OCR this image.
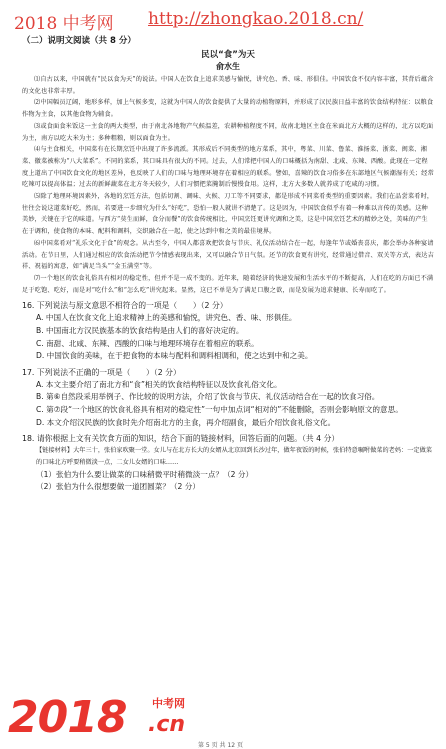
2018 中考网 http://zhongkao.2018.cn/

（二）说明文阅读（共 8 分）

民以“食”为天

俞水生

⑴自古以来，中国就有“民以食为天”的说法。中国人在饮食上追求美感与愉悦，讲究色、香、味、形俱佳。中国饮食不仅内容丰富，其背后蕴含的文化也非常丰厚。

⑵中国幅员辽阔，地形多样，加上气候多变，这就为中国人的饮食提供了大量的动植物原料，并形成了汉民族日益丰富的饮食结构特征：以粮食作物为主食，以其他食物为辅食。

⑶或食面食米饭这一主食的两大类型，由于南北各地物产气候温差，农耕种植程度不同，故南北地区主食在米面北方大概的这样的，北方以吃面为主，南方以吃大米为主；多种粗粮，则以面食为主。

⑷与主食相关，中国菜有在长期烹饪中出现了许多流派。其形成后不同类型的地方菜系，其中，粤菜、川菜、鲁菜、淮扬菜、浙菜、闽菜、湘菜、徽菜被称为“八大菜系”。不同的菜系，其口味具有很大的不同。过去，人们常把中国人的口味概括为南甜、北咸、东辣、西酸。此现在一定程度上道出了中国饮食文化的地区差异，也反映了人们的口味与地理环境存在着相应的联系。譬如，喜辣的饮食习俗多在东部地区气候潮湿有关；经常吃辣可以提高体温；过去的新鲜蔬菜在北方冬天较少，人们习惯把菜腌制后慢慢食用。这样，北方大多数人就养成了吃咸的习惯。

⑸除了地理环境因素外，各地的烹饪方法，包括切割、调味、火候、刀工等不同要求，都是形成不同菜肴类型的重要因素。我们在品尝菜肴时，往往会说这道菜好吃，然而，若要进一步细究为什么“好吃”，恐怕一般人就讲不清楚了。这是因为，中国饮食似乎有着一种难以言传的美感。这种美妙，关键在于它的味道。与西方“莫生而鲜，食分而餐”的饮食传统相比，中国烹饪更讲究调和之美，这是中国烹饪艺术的精妙之处，美味的产生在于调和，使食物的本味、配料和调料，交织融合在一起，使之达到中和之美的最佳境界。

⑹中国菜肴对“礼乐文化于食”的观念。从古至今，中国人都喜欢把饮食与节庆、礼仪活动结合在一起，每逢年节或婚丧喜庆，都会举办各种宴请活动。在节日里，人们通过相应的饮食活动把节令情感表现出来，又可以融合节日气氛。还节的饮食更有讲究，经常通过借音、双关等方式，表达吉祥、祝福的寓意，如“满足当头”“金玉满堂”等。

⑺一个地区的饮食礼俗具有相对的稳定性，但并不是一成不变的。近年来，随着经济的快速发展和生活水平的不断提高，人们在吃的方面已不满足于吃饱、吃好，而是对“吃什么”和“怎么吃”讲究起来。显然，这已不单是为了满足口腹之欲，而是发展为追求健康、长寿而吃了。

16. 下列说法与原文意思不相符合的一项是（　　）（2 分）

A. 中国人在饮食文化上追求精神上的美感和愉悦，讲究色、香、味、形俱佳。

B. 中国南北方汉民族基本的饮食结构是由人们的喜好决定的。

C. 南甜、北咸、东辣、西酸的口味与地理环境存在着相应的联系。

D. 中国饮食的美味，在于把食物的本味与配料和调料相调和，使之达到中和之美。

17. 下列说法不正确的一项是（　　）（2 分）

A. 本文主要介绍了南北方和“食”相关的饮食结构特征以及饮食礼俗文化。

B. 第⑥自然段采用举例子、作比较的说明方法，介绍了饮食与节庆、礼仪活动结合在一起的饮食习俗。

C. 第⑦段“一个地区的饮食礼俗具有相对的稳定性”一句中加点词“相对的”不能删除，否则会影响原文的意思。

D. 本文介绍汉民族的饮食时先介绍南北方的主食，再介绍副食，最后介绍饮食礼俗文化。

18. 请你根据上文有关饮食方面的知识，结合下面的链接材料，回答后面的问题。（共 4 分）

【链接材料】大年三十，张伯家吹聚一堂。女儿与在北方长大的女婿从北京回到长沙过年，做年夜饭的时候，张伯特意嘱咐做菜的老妈：一定做菜的口味北方呼要稍微淡一点，二女儿女婿的口味……

（1）张伯为什么要让做菜的口味稍微平时稍微淡一点？（2 分）

（2）张伯为什么很想要做一道团圆菜？（2 分）

2018 中考网
.cn
第 5 页 共 12 页
